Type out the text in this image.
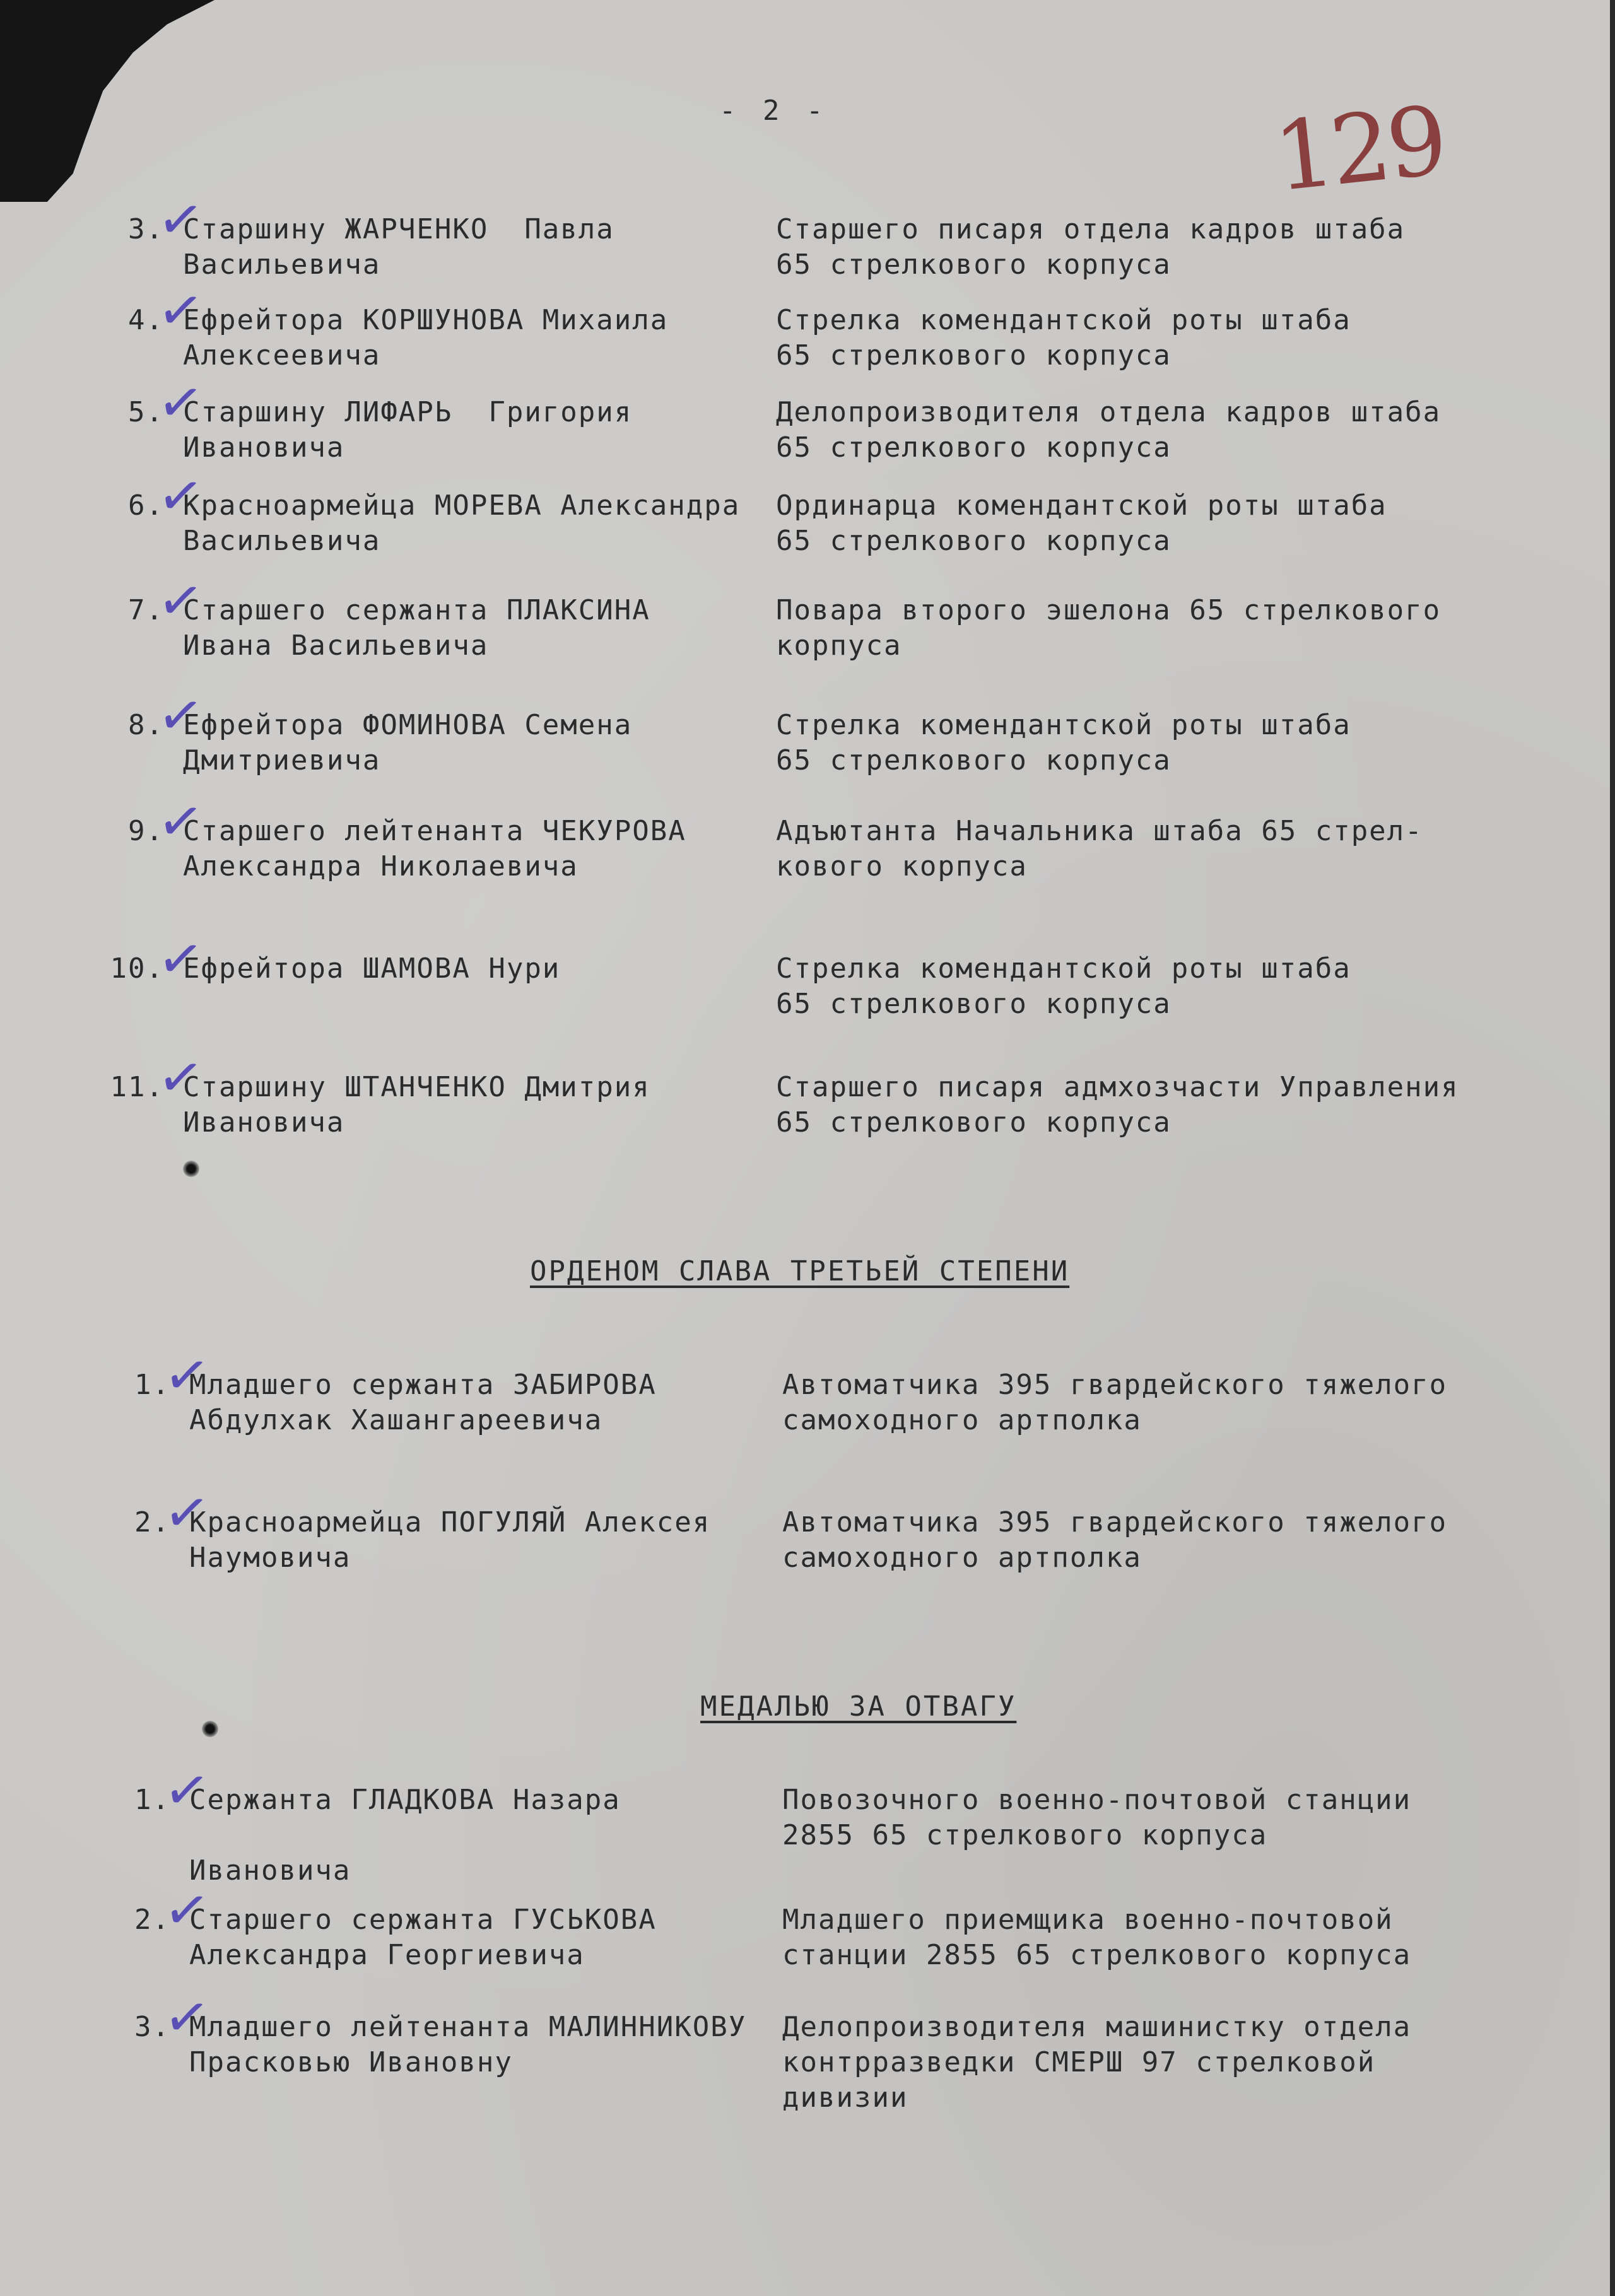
- 2 -	129
3.
✓
Старшину ЖАРЧЕНКО  Павла
Васильевича
Старшего писаря отдела кадров штаба
65 стрелкового корпуса
4.
✓
Ефрейтора КОРШУНОВА Михаила
Алексеевича
Стрелка комендантской роты штаба
65 стрелкового корпуса
5.
✓
Старшину ЛИФАРЬ  Григория
Ивановича
Делопроизводителя отдела кадров штаба
65 стрелкового корпуса
6.
✓
Красноармейца МОРЕВА Александра
Васильевича
Ординарца комендантской роты штаба
65 стрелкового корпуса
7.
✓
Старшего сержанта ПЛАКСИНА
Ивана Васильевича
Повара второго эшелона 65 стрелкового
корпуса
8.
✓
Ефрейтора ФОМИНОВА Семена
Дмитриевича
Стрелка комендантской роты штаба
65 стрелкового корпуса
9.
✓
Старшего лейтенанта ЧЕКУРОВА
Александра Николаевича
Адъютанта Начальника штаба 65 стрел-
кового корпуса
10.
✓
Ефрейтора ШАМОВА Нури	Стрелка комендантской роты штаба
65 стрелкового корпуса
11.
✓
Старшину ШТАНЧЕНКО Дмитрия
Ивановича
Старшего писаря адмхозчасти Управления
65 стрелкового корпуса
ОРДЕНОМ СЛАВА ТРЕТЬЕЙ СТЕПЕНИ
1.
✓
Младшего сержанта ЗАБИРОВА
Абдулхак Хашангареевича
Автоматчика 395 гвардейского тяжелого
самоходного артполка
2.
✓
Красноармейца ПОГУЛЯЙ Алексея
Наумовича
Автоматчика 395 гвардейского тяжелого
самоходного артполка
МЕДАЛЬЮ ЗА ОТВАГУ
1.
✓
Сержанта ГЛАДКОВА Назара

Ивановича
Повозочного военно-почтовой станции
2855 65 стрелкового корпуса
2.
✓
Старшего сержанта ГУСЬКОВА
Александра Георгиевича
Младшего приемщика военно-почтовой
станции 2855 65 стрелкового корпуса
3.
✓
Младшего лейтенанта МАЛИННИКОВУ
Прасковью Ивановну
Делопроизводителя машинистку отдела
контрразведки СМЕРШ 97 стрелковой
дивизии
